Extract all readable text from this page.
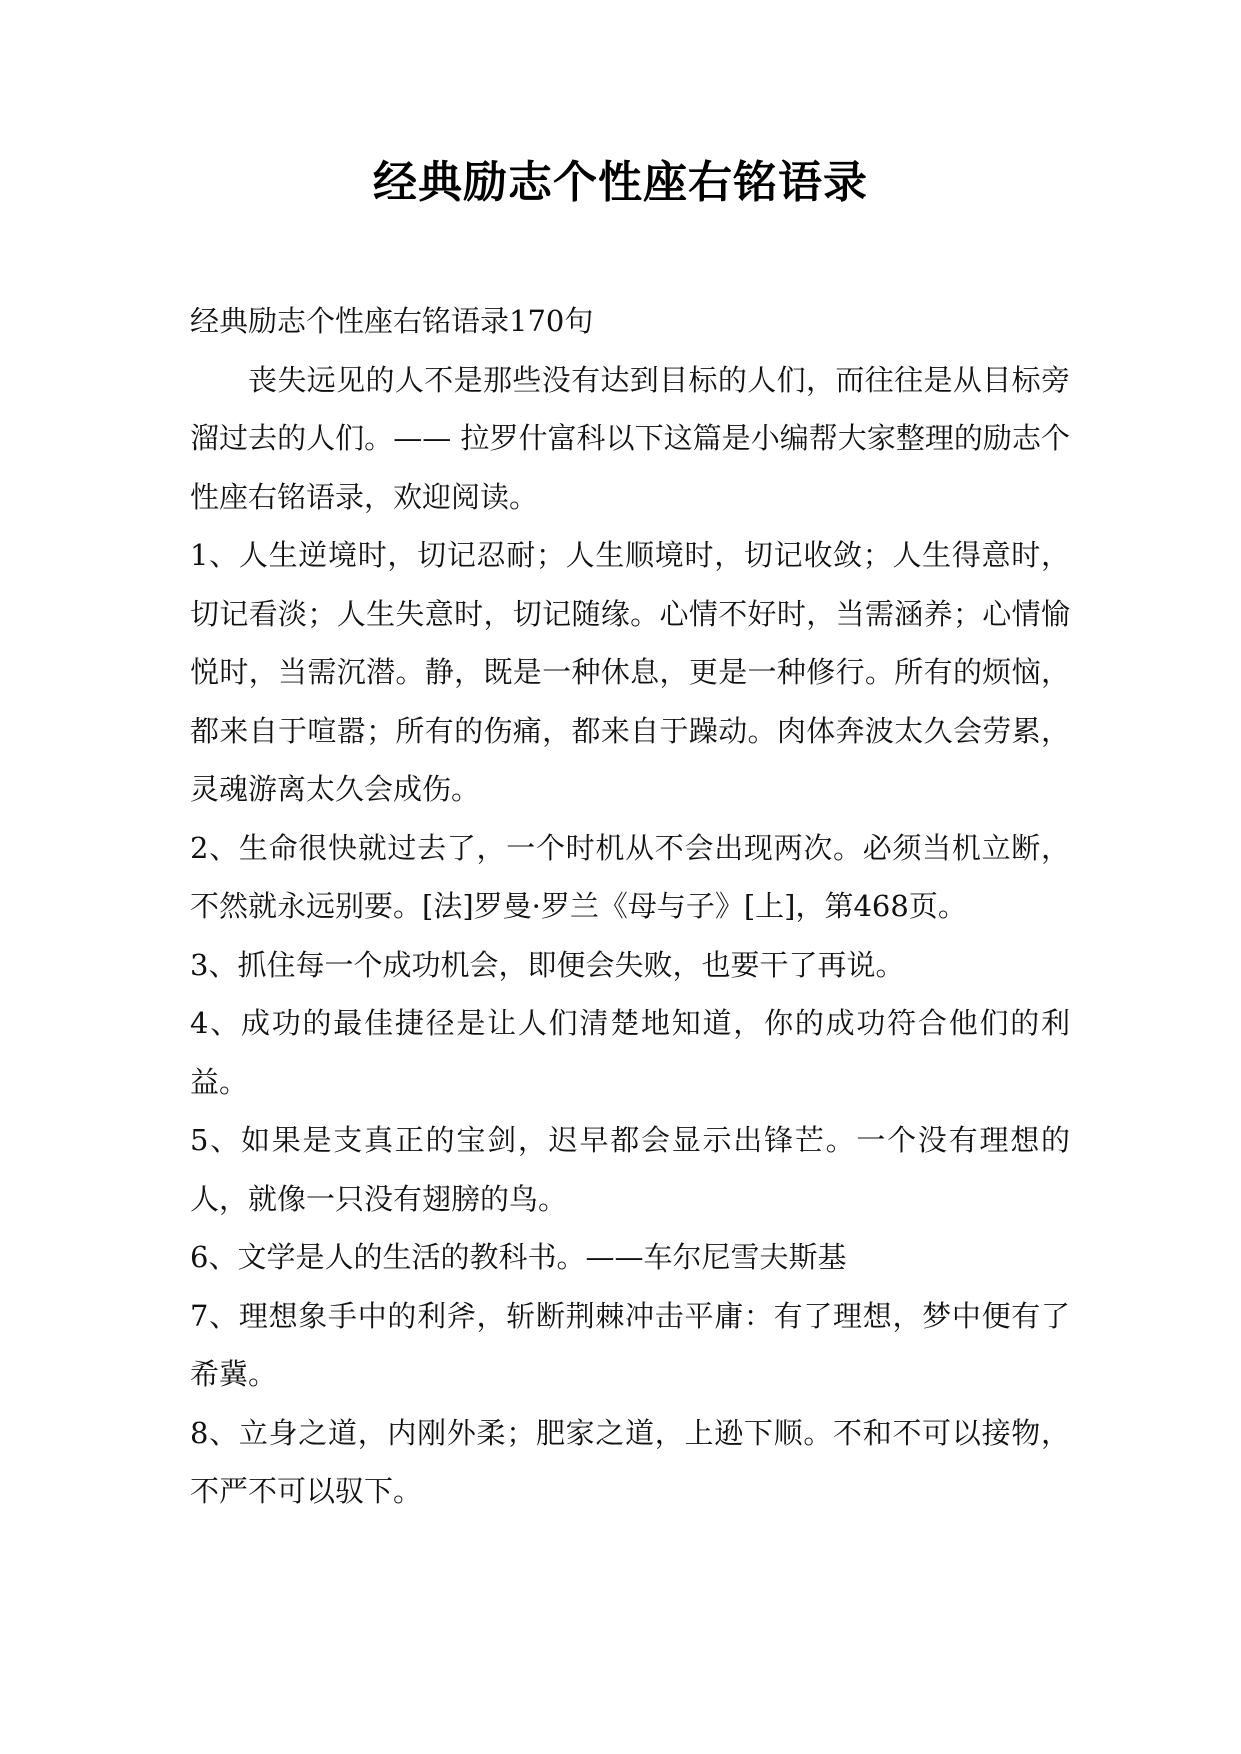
经典励志个性座右铭语录

经典励志个性座右铭语录170句

丧失远见的人不是那些没有达到目标的人们，而往往是从目标旁溜过去的人们。—— 拉罗什富科以下这篇是小编帮大家整理的励志个性座右铭语录，欢迎阅读。

1、人生逆境时，切记忍耐；人生顺境时，切记收敛；人生得意时，切记看淡；人生失意时，切记随缘。心情不好时，当需涵养；心情愉悦时，当需沉潜。静，既是一种休息，更是一种修行。所有的烦恼，都来自于喧嚣；所有的伤痛，都来自于躁动。肉体奔波太久会劳累，灵魂游离太久会成伤。

2、生命很快就过去了，一个时机从不会出现两次。必须当机立断，不然就永远别要。[法]罗曼·罗兰《母与子》[上]，第468页。

3、抓住每一个成功机会，即便会失败，也要干了再说。

4、成功的最佳捷径是让人们清楚地知道，你的成功符合他们的利益。

5、如果是支真正的宝剑，迟早都会显示出锋芒。一个没有理想的人，就像一只没有翅膀的鸟。

6、文学是人的生活的教科书。——车尔尼雪夫斯基

7、理想象手中的利斧，斩断荆棘冲击平庸：有了理想，梦中便有了希冀。

8、立身之道，内刚外柔；肥家之道，上逊下顺。不和不可以接物，不严不可以驭下。
